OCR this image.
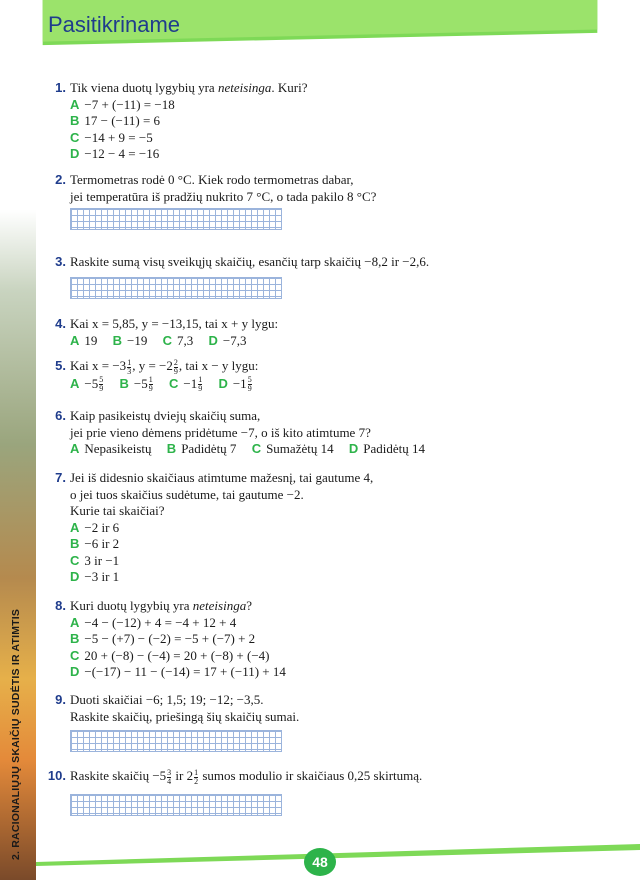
Pasitikriname
2. RACIONALIŲJŲ SKAIČIŲ SUDĖTIS IR ATIMTIS
1. Tik viena duotų lygybių yra neteisinga. Kuri?
A −7 + (−11) = −18
B 17 − (−11) = 6
C −14 + 9 = −5
D −12 − 4 = −16
2. Termometras rodė 0 °C. Kiek rodo termometras dabar,
jei temperatūra iš pradžių nukrito 7 °C, o tada pakilo 8 °C?
3. Raskite sumą visų sveikųjų skaičių, esančių tarp skaičių −8,2 ir −2,6.
4. Kai x = 5,85, y = −13,15, tai x + y lygu:
A 19 B −19 C 7,3 D −7,3
5. Kai $x = -3 \frac{1}{3}$ , $y = -2 \frac{2}{9}$ , tai x − y lygu:
$A -5 \frac{5}{9}$ $B -5 \frac{1}{9}$ $C -1 \frac{1}{9}$ $D -1 \frac{5}{9}$
6. Kaip pasikeistų dviejų skaičių suma,
jei prie vieno dėmens pridėtume −7, o iš kito atimtume 7?
A Nepasikeistų B Padidėtų 7 C Sumažėtų 14 D Padidėtų 14
7. Jei iš didesnio skaičiaus atimtume mažesnį, tai gautume 4,
o jei tuos skaičius sudėtume, tai gautume −2.
Kurie tai skaičiai?
A −2 ir 6
B −6 ir 2
C 3 ir −1
D −3 ir 1
8. Kuri duotų lygybių yra neteisinga?
A −4 − (−12) + 4 = −4 + 12 + 4
B −5 − (+7) − (−2) = −5 + (−7) + 2
C 20 + (−8) − (−4) = 20 + (−8) + (−4)
D −(−17) − 11 − (−14) = 17 + (−11) + 14
9. Duoti skaičiai −6; 1,5; 19; −12; −3,5.
Raskite skaičių, priešingą šių skaičių sumai.
10. Raskite skaičių $-5 \frac{3}{4}$ ir $2 \frac{1}{2}$ sumos modulio ir skaičiaus 0,25 skirtumą.
48
